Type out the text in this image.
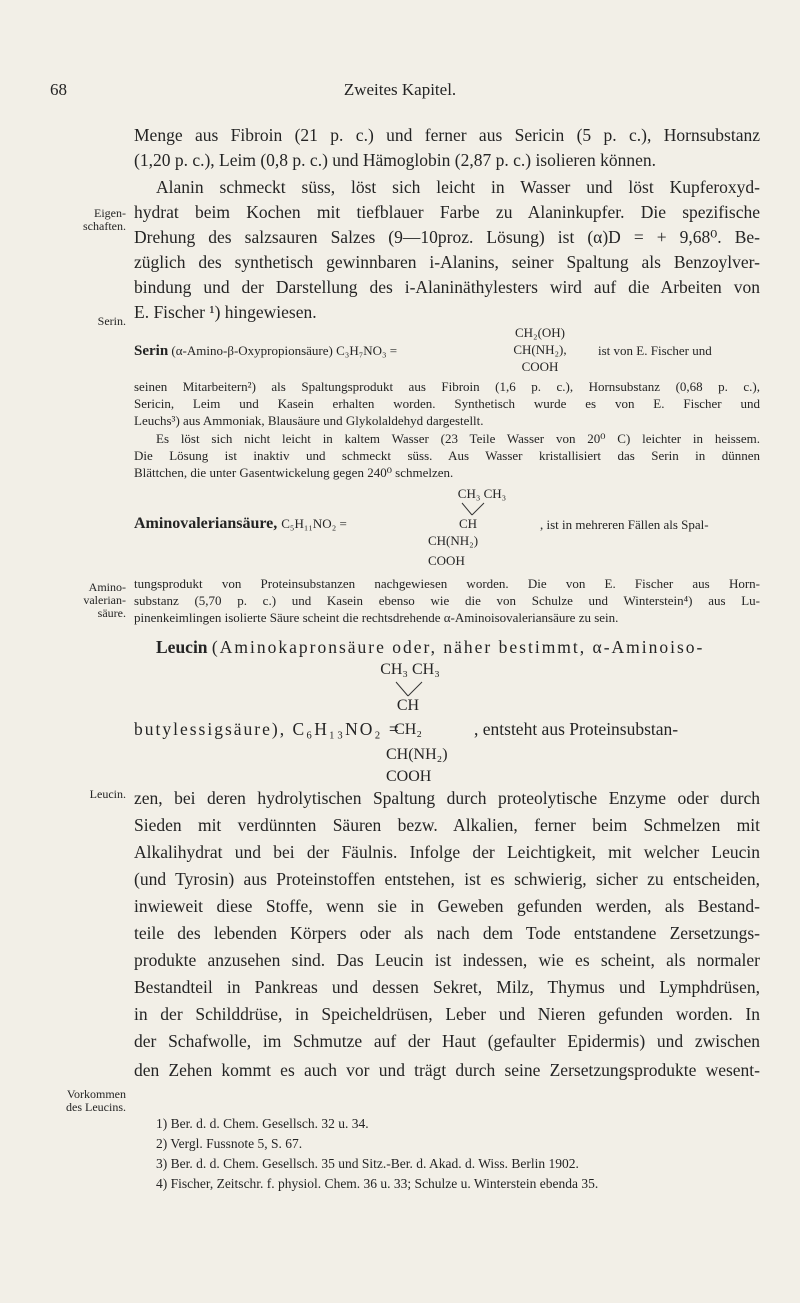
68	Zweites Kapitel.
Eigen-
schaften.
Serin.
Amino-
valerian-
säure.
Leucin.
Vorkommen
des Leucins.
Menge aus Fibroin (21 p. c.) und ferner aus Sericin (5 p. c.), Hornsubstanz
(1,20 p. c.), Leim (0,8 p. c.) und Hämoglobin (2,87 p. c.) isolieren können.
Alanin schmeckt süss, löst sich leicht in Wasser und löst Kupferoxyd-
hydrat beim Kochen mit tiefblauer Farbe zu Alaninkupfer. Die spezifische
Drehung des salzsauren Salzes (9—10proz. Lösung) ist (α)D = + 9,68⁰. Be-
züglich des synthetisch gewinnbaren i-Alanins, seiner Spaltung als Benzoylver-
bindung und der Darstellung des i-Alaninäthylesters wird auf die Arbeiten von
E. Fischer ¹) hingewiesen.
CH₂(OH)
Serin (α-Amino-β-Oxypropionsäure) C₃H₇NO₃ =	CH(NH₂),	ist von E. Fischer und
COOH
seinen Mitarbeitern²) als Spaltungsprodukt aus Fibroin (1,6 p. c.), Hornsubstanz (0,68 p. c.),
Sericin, Leim und Kasein erhalten worden. Synthetisch wurde es von E. Fischer und
Leuchs³) aus Ammoniak, Blausäure und Glykolaldehyd dargestellt.
Es löst sich nicht leicht in kaltem Wasser (23 Teile Wasser von 20⁰ C) leichter in heissem.
Die Lösung ist inaktiv und schmeckt süss. Aus Wasser kristallisiert das Serin in dünnen
Blättchen, die unter Gasentwickelung gegen 240⁰ schmelzen.
CH₃ CH₃
Aminovaleriansäure, C₅H₁₁NO₂ =	CH	, ist in mehreren Fällen als Spal-
CH(NH₂)
COOH
tungsprodukt von Proteinsubstanzen nachgewiesen worden. Die von E. Fischer aus Horn-
substanz (5,70 p. c.) und Kasein ebenso wie die von Schulze und Winterstein⁴) aus Lu-
pinenkeimlingen isolierte Säure scheint die rechtsdrehende α-Aminoisovaleriansäure zu sein.
Leucin (Aminokapronsäure oder, näher bestimmt, α-Aminoiso-
CH₃ CH₃
CH
butylessigsäure), C₆H₁₃NO₂ =
CH₂	, entsteht aus Proteinsubstan-
CH(NH₂)
COOH
zen, bei deren hydrolytischen Spaltung durch proteolytische Enzyme oder durch
Sieden mit verdünnten Säuren bezw. Alkalien, ferner beim Schmelzen mit
Alkalihydrat und bei der Fäulnis. Infolge der Leichtigkeit, mit welcher Leucin
(und Tyrosin) aus Proteinstoffen entstehen, ist es schwierig, sicher zu entscheiden,
inwieweit diese Stoffe, wenn sie in Geweben gefunden werden, als Bestand-
teile des lebenden Körpers oder als nach dem Tode entstandene Zersetzungs-
produkte anzusehen sind. Das Leucin ist indessen, wie es scheint, als normaler
Bestandteil in Pankreas und dessen Sekret, Milz, Thymus und Lymphdrüsen,
in der Schilddrüse, in Speicheldrüsen, Leber und Nieren gefunden worden. In
der Schafwolle, im Schmutze auf der Haut (gefaulter Epidermis) und zwischen
den Zehen kommt es auch vor und trägt durch seine Zersetzungsprodukte wesent-
1) Ber. d. d. Chem. Gesellsch. 32 u. 34.
2) Vergl. Fussnote 5, S. 67.
3) Ber. d. d. Chem. Gesellsch. 35 und Sitz.-Ber. d. Akad. d. Wiss. Berlin 1902.
4) Fischer, Zeitschr. f. physiol. Chem. 36 u. 33; Schulze u. Winterstein ebenda 35.
